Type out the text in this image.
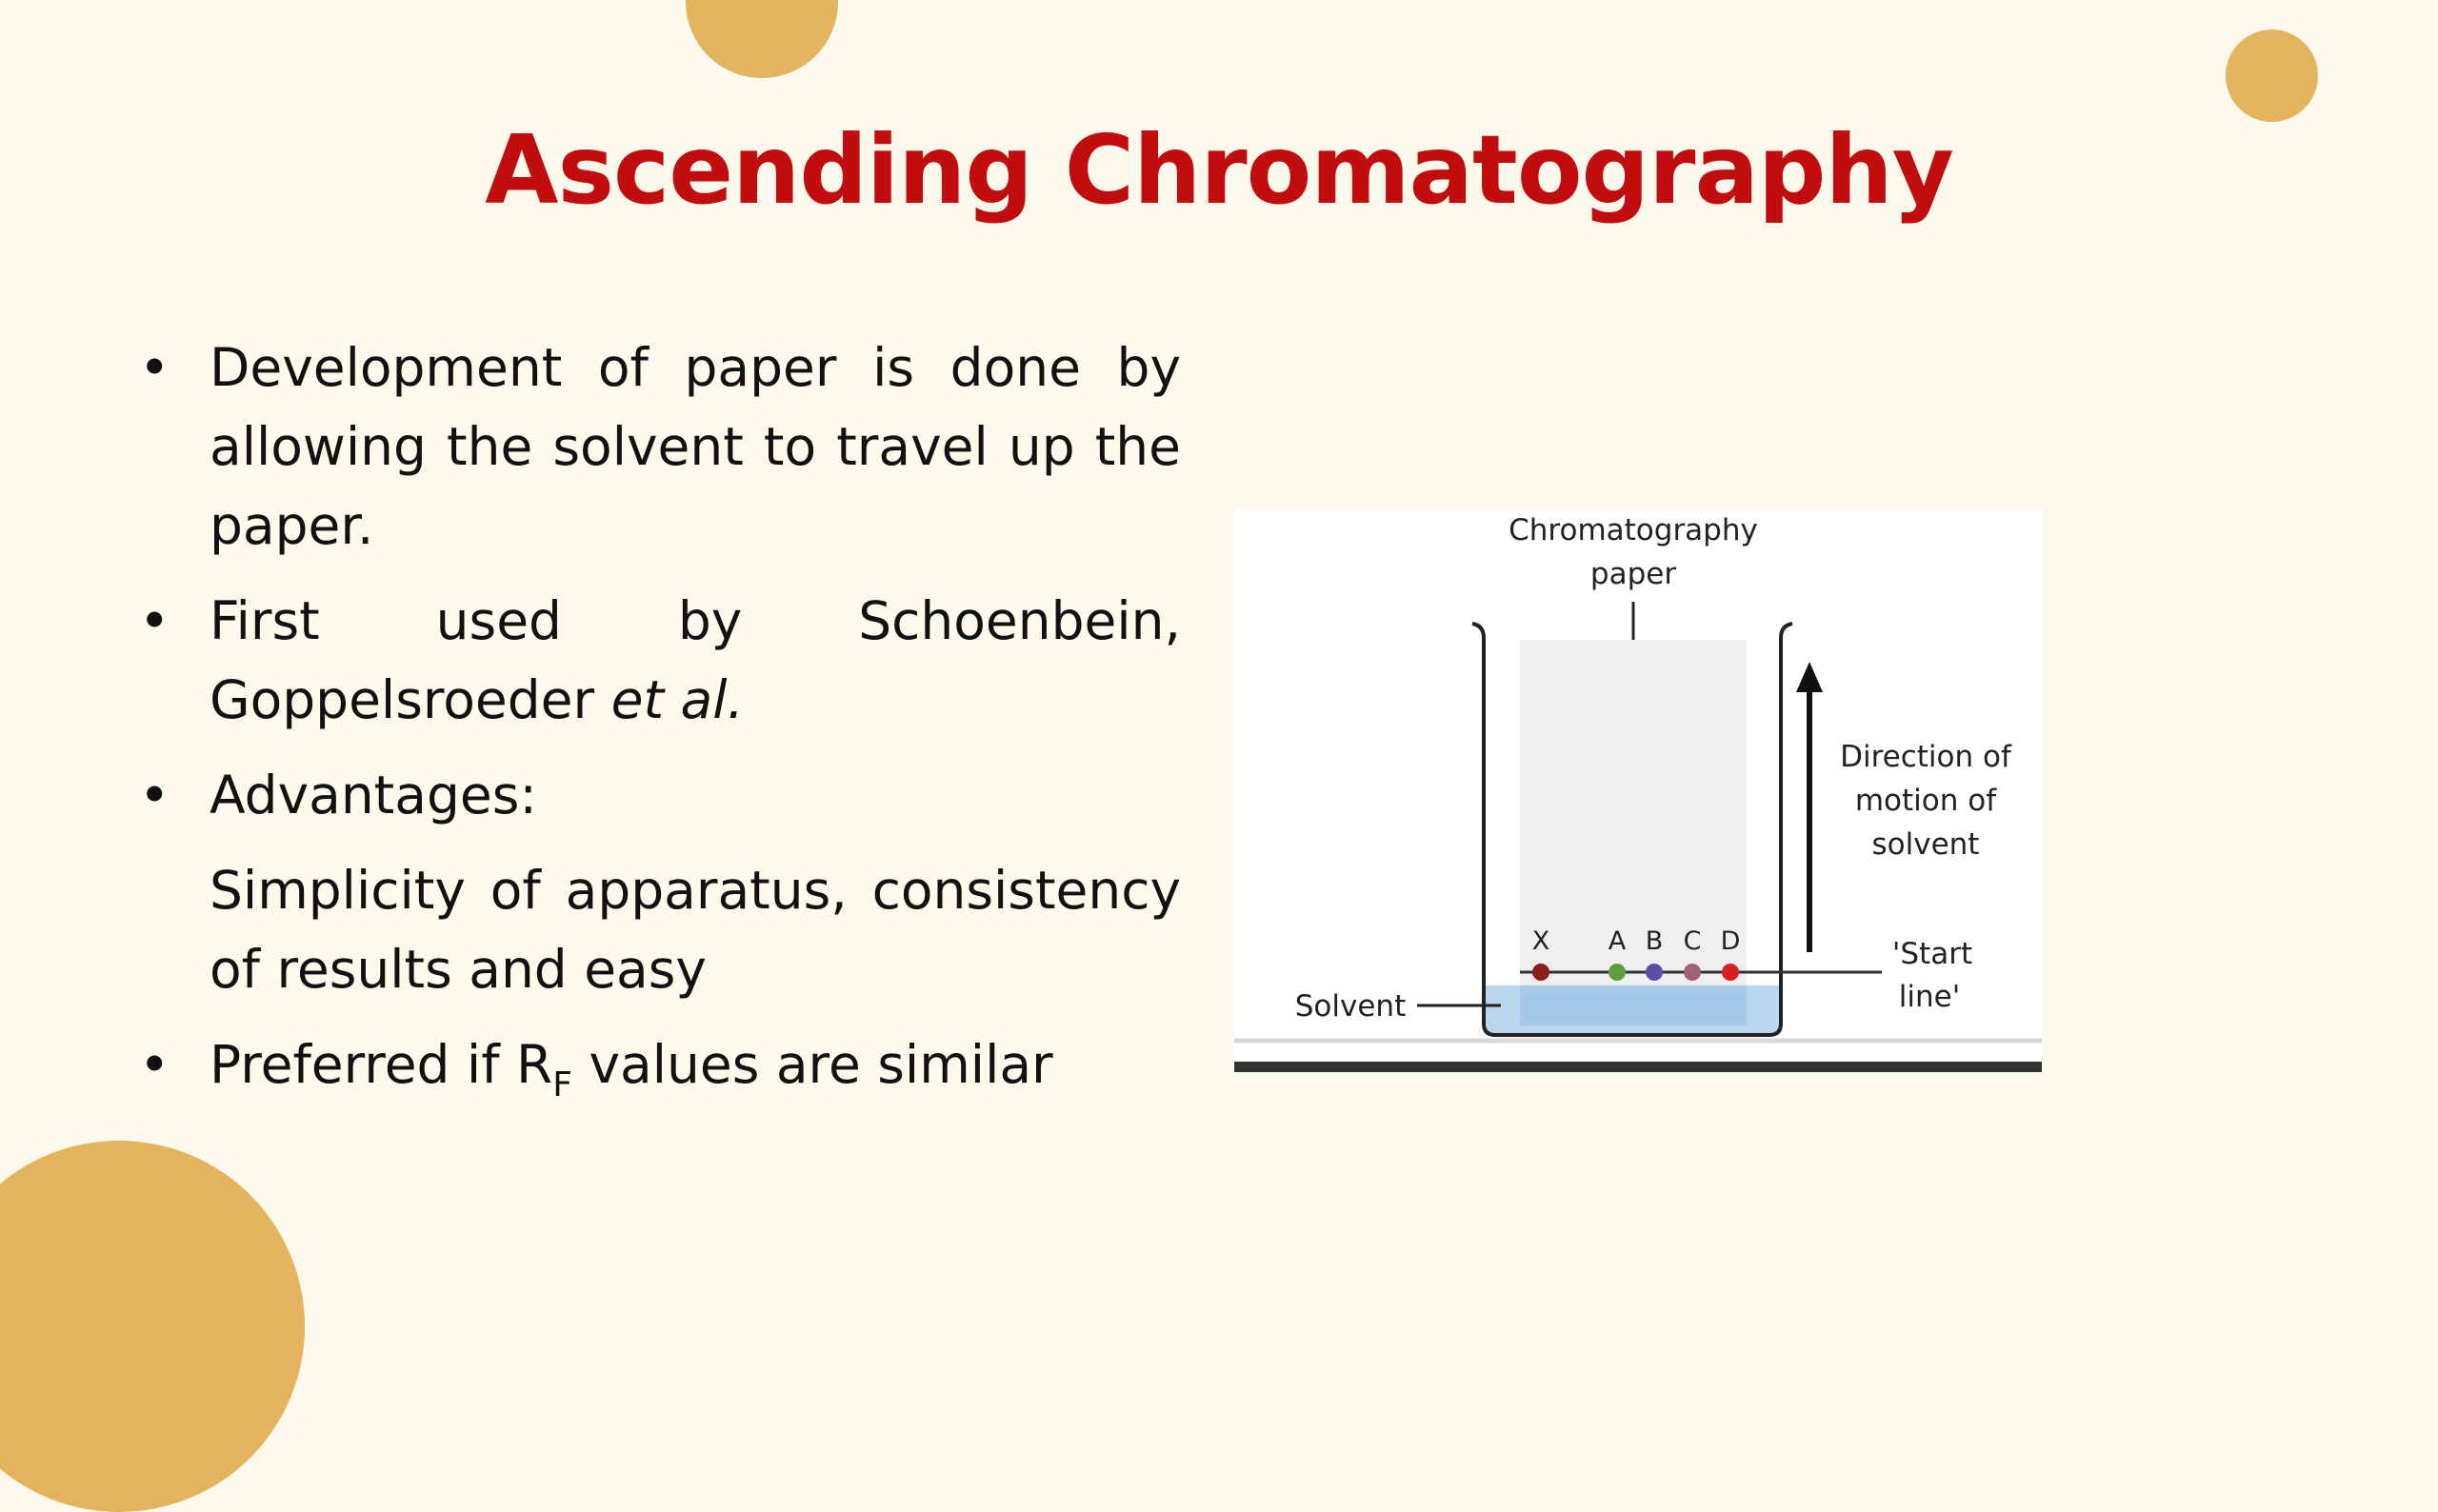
Ascending Chromatography
• Development of paper is done by
allowing the solvent to travel up the
paper.
• First used by Schoenbein,
Goppelsroeder et al.
• Advantages:
Simplicity of apparatus, consistency
of results and easy
• Preferred if $R_F$ values are similar
Chromatography
paper
X A B C D
Direction of
motion of
solvent
'Start
line'
Solvent
